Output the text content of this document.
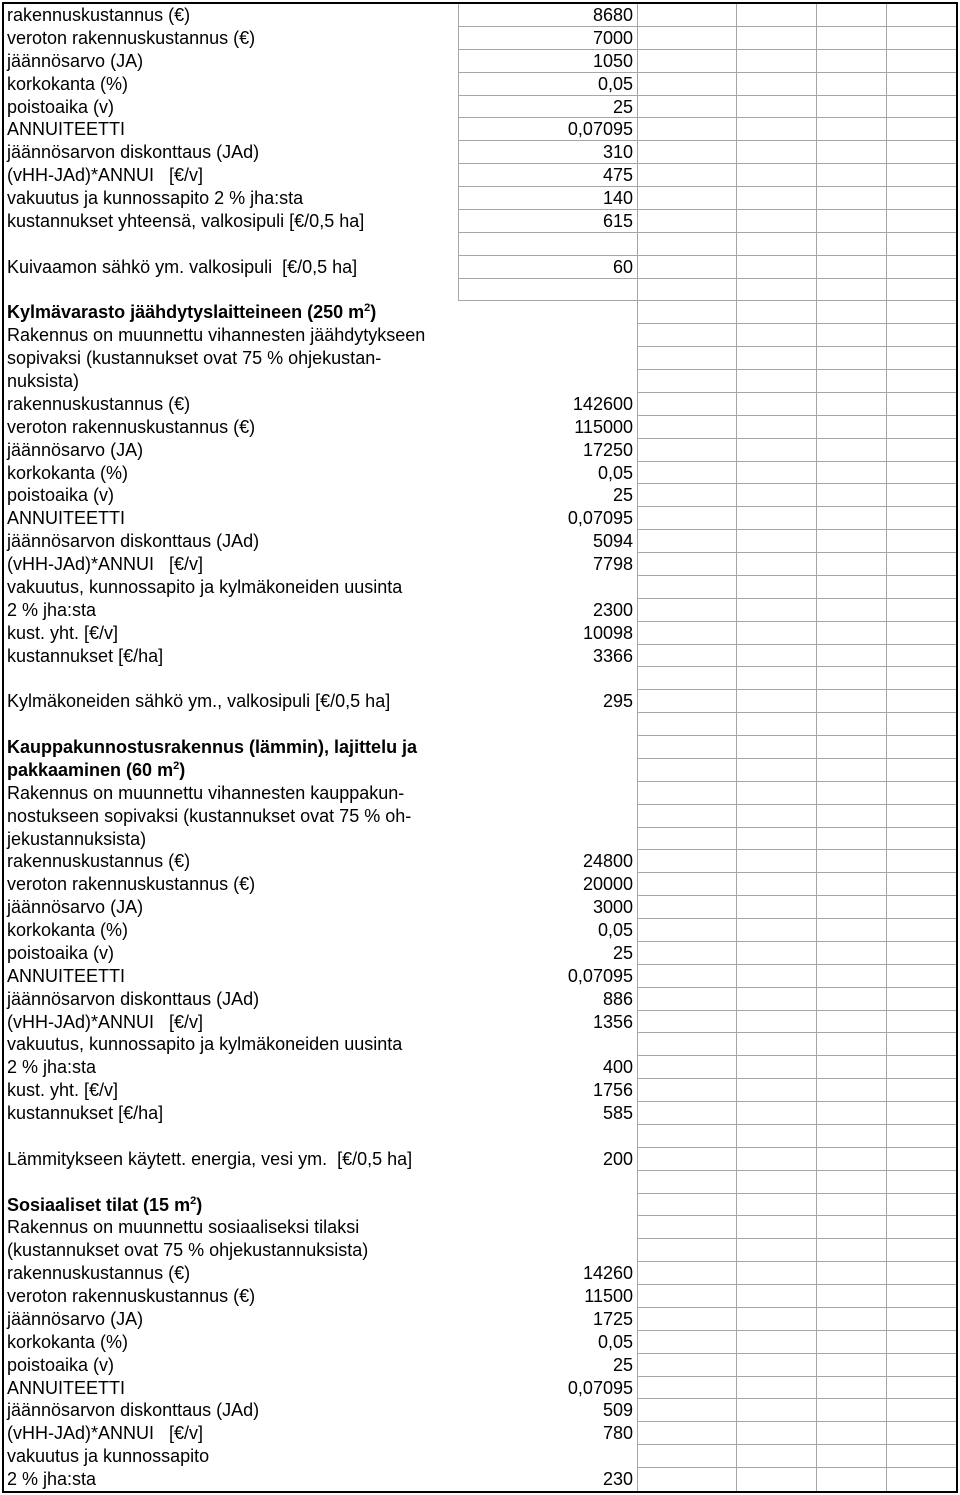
rakennuskustannus (€)	8680
veroton rakennuskustannus (€)	7000
jäännösarvo (JA)	1050
korkokanta (%)	0,05
poistoaika (v)	25
ANNUITEETTI	0,07095
jäännösarvon diskonttaus (JAd)	310
(vHH-JAd)*ANNUI   [€/v]	475
vakuutus ja kunnossapito 2 % jha:sta	140
kustannukset yhteensä, valkosipuli [€/0,5 ha]	615
Kuivaamon sähkö ym. valkosipuli  [€/0,5 ha]	60
Kylmävarasto jäähdytyslaitteineen (250 $m^2$)
Rakennus on muunnettu vihannesten jäähdytykseen
sopivaksi (kustannukset ovat 75 % ohjekustan-
nuksista)
rakennuskustannus (€)	142600
veroton rakennuskustannus (€)	115000
jäännösarvo (JA)	17250
korkokanta (%)	0,05
poistoaika (v)	25
ANNUITEETTI	0,07095
jäännösarvon diskonttaus (JAd)	5094
(vHH-JAd)*ANNUI   [€/v]	7798
vakuutus, kunnossapito ja kylmäkoneiden uusinta
2 % jha:sta	2300
kust. yht. [€/v]	10098
kustannukset [€/ha]	3366
Kylmäkoneiden sähkö ym., valkosipuli [€/0,5 ha]	295
Kauppakunnostusrakennus (lämmin), lajittelu ja
pakkaaminen (60 $m^2$)
Rakennus on muunnettu vihannesten kauppakun-
nostukseen sopivaksi (kustannukset ovat 75 % oh-
jekustannuksista)
rakennuskustannus (€)	24800
veroton rakennuskustannus (€)	20000
jäännösarvo (JA)	3000
korkokanta (%)	0,05
poistoaika (v)	25
ANNUITEETTI	0,07095
jäännösarvon diskonttaus (JAd)	886
(vHH-JAd)*ANNUI   [€/v]	1356
vakuutus, kunnossapito ja kylmäkoneiden uusinta
2 % jha:sta	400
kust. yht. [€/v]	1756
kustannukset [€/ha]	585
Lämmitykseen käytett. energia, vesi ym.  [€/0,5 ha]	200
Sosiaaliset tilat (15 $m^2$)
Rakennus on muunnettu sosiaaliseksi tilaksi
(kustannukset ovat 75 % ohjekustannuksista)
rakennuskustannus (€)	14260
veroton rakennuskustannus (€)	11500
jäännösarvo (JA)	1725
korkokanta (%)	0,05
poistoaika (v)	25
ANNUITEETTI	0,07095
jäännösarvon diskonttaus (JAd)	509
(vHH-JAd)*ANNUI   [€/v]	780
vakuutus ja kunnossapito
2 % jha:sta	230
